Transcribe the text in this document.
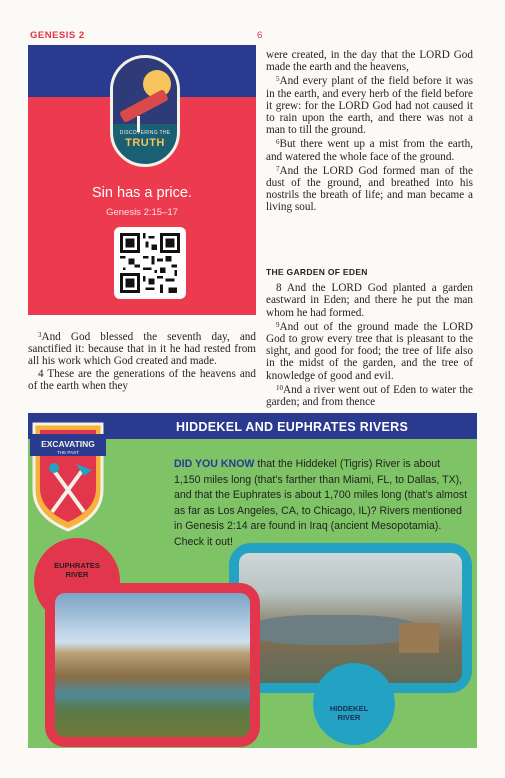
GENESIS 2	6
DISCOVERING THE
TRUTH
Sin has a price.
Genesis 2:15–17

were created, in the day that the LORD God made the earth and the heavens,

$^5$And every plant of the field before it was in the earth, and every herb of the field before it grew: for the LORD God had not caused it to rain upon the earth, and there was not a man to till the ground.

$^6$But there went up a mist from the earth, and watered the whole face of the ground.

$^7$And the LORD God formed man of the dust of the ground, and breathed into his nostrils the breath of life; and man became a living soul.

THE GARDEN OF EDEN

8 And the LORD God planted a garden eastward in Eden; and there he put the man whom he had formed.

$^9$And out of the ground made the LORD God to grow every tree that is pleasant to the sight, and good for food; the tree of life also in the midst of the garden, and the tree of knowledge of good and evil.

$^{10}$And a river went out of Eden to water the garden; and from thence

$^3$And God blessed the seventh day, and sanctified it: because that in it he had rested from all his work which God created and made.

4 These are the generations of the heavens and of the earth when they

HIDDEKEL AND EUPHRATES RIVERS
EXCAVATING
THE PAST
DID YOU KNOW that the Hiddekel (Tigris) River is about 1,150 miles long (that’s farther than Miami, FL, to Dallas, TX), and that the Euphrates is about 1,700 miles long (that’s almost as far as Los Angeles, CA, to Chicago, IL)? Rivers mentioned in Genesis 2:14 are found in Iraq (ancient Mesopotamia). Check it out!
EUPHRATES RIVER
HIDDEKEL RIVER
